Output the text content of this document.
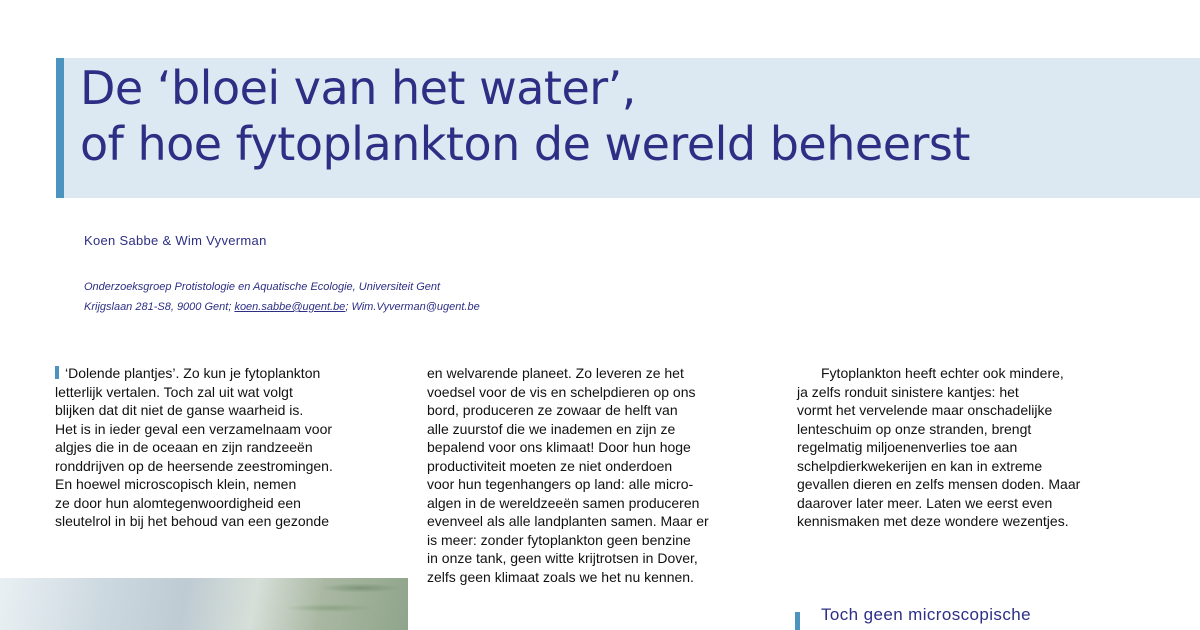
De ‘bloei van het water’,
of hoe fytoplankton de wereld beheerst
Koen Sabbe & Wim Vyverman
Onderzoeksgroep Protistologie en Aquatische Ecologie, Universiteit Gent
Krijgslaan 281-S8, 9000 Gent; koen.sabbe@ugent.be; Wim.Vyverman@ugent.be
‘Dolende plantjes’. Zo kun je fytoplankton
letterlijk vertalen. Toch zal uit wat volgt
blijken dat dit niet de ganse waarheid is.
Het is in ieder geval een verzamelnaam voor
algjes die in de oceaan en zijn randzeeën
ronddrijven op de heersende zeestromingen.
En hoewel microscopisch klein, nemen
ze door hun alomtegenwoordigheid een
sleutelrol in bij het behoud van een gezonde
en welvarende planeet. Zo leveren ze het
voedsel voor de vis en schelpdieren op ons
bord, produceren ze zowaar de helft van
alle zuurstof die we inademen en zijn ze
bepalend voor ons klimaat! Door hun hoge
productiviteit moeten ze niet onderdoen
voor hun tegenhangers op land: alle micro-
algen in de wereldzeeën samen produceren
evenveel als alle landplanten samen. Maar er
is meer: zonder fytoplankton geen benzine
in onze tank, geen witte krijtrotsen in Dover,
zelfs geen klimaat zoals we het nu kennen.
Fytoplankton heeft echter ook mindere,
ja zelfs ronduit sinistere kantjes: het
vormt het vervelende maar onschadelijke
lenteschuim op onze stranden, brengt
regelmatig miljoenenverlies toe aan
schelpdierkwekerijen en kan in extreme
gevallen dieren en zelfs mensen doden. Maar
daarover later meer. Laten we eerst even
kennismaken met deze wondere wezentjes.
Toch geen microscopische
